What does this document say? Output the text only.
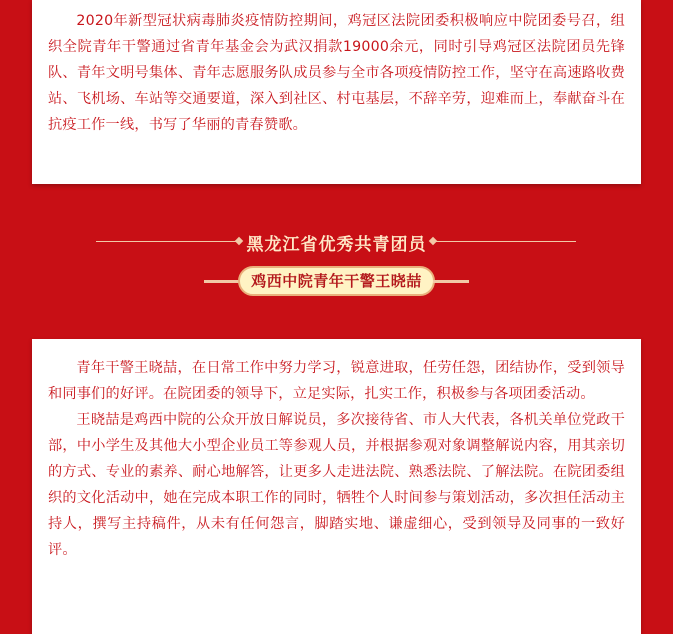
2020年新型冠状病毒肺炎疫情防控期间，鸡冠区法院团委积极响应中院团委号召，组织全院青年干警通过省青年基金会为武汉捐款19000余元，同时引导鸡冠区法院团员先锋队、青年文明号集体、青年志愿服务队成员参与全市各项疫情防控工作，坚守在高速路收费站、飞机场、车站等交通要道，深入到社区、村屯基层，不辞辛劳，迎难而上，奉献奋斗在抗疫工作一线，书写了华丽的青春赞歌。

黑龙江省优秀共青团员
鸡西中院青年干警王晓喆

青年干警王晓喆，在日常工作中努力学习，锐意进取，任劳任怨，团结协作，受到领导和同事们的好评。在院团委的领导下，立足实际，扎实工作，积极参与各项团委活动。

王晓喆是鸡西中院的公众开放日解说员，多次接待省、市人大代表，各机关单位党政干部，中小学生及其他大小型企业员工等参观人员，并根据参观对象调整解说内容，用其亲切的方式、专业的素养、耐心地解答，让更多人走进法院、熟悉法院、了解法院。在院团委组织的文化活动中，她在完成本职工作的同时，牺牲个人时间参与策划活动，多次担任活动主持人，撰写主持稿件，从未有任何怨言，脚踏实地、谦虚细心，受到领导及同事的一致好评。
